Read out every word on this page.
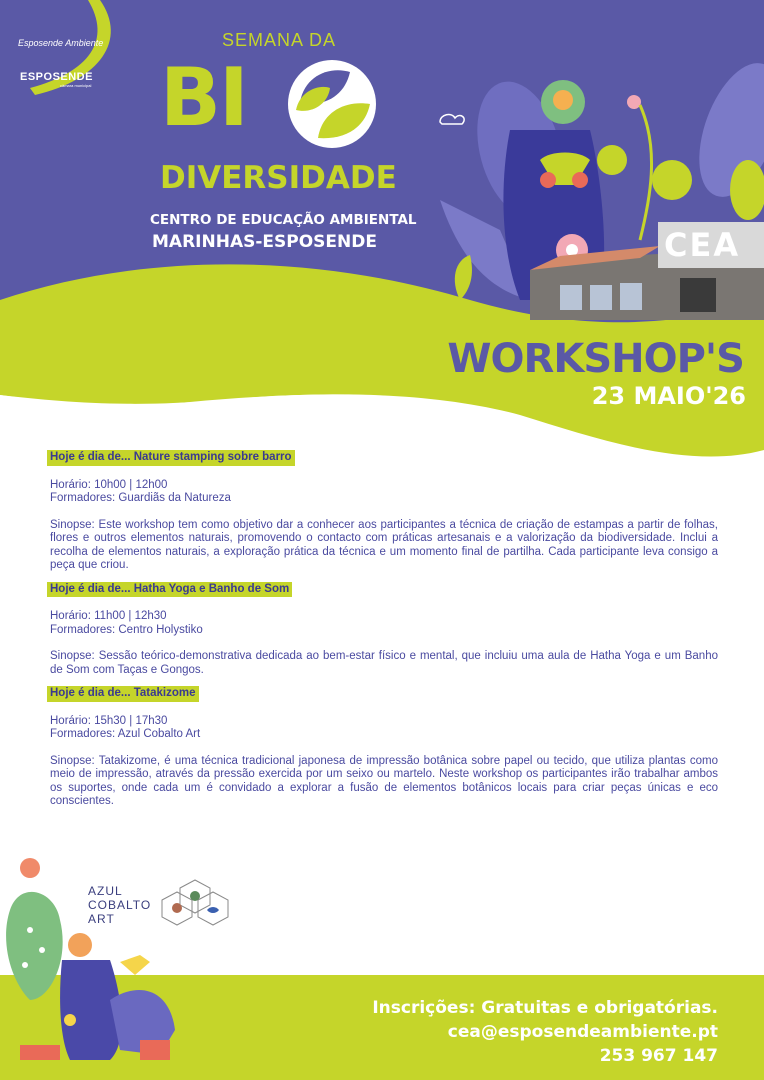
Esposende Ambiente
ESPOSENDE
câmara municipal
SEMANA DA
BI
DIVERSIDADE
CENTRO DE EDUCAÇÃO AMBIENTAL
MARINHAS-ESPOSENDE	CEA
WORKSHOP'S
23 MAIO'26
Hoje é dia de... Nature stamping sobre barro
Horário: 10h00 | 12h00
Formadores: Guardiãs da Natureza
Sinopse: Este workshop tem como objetivo dar a conhecer aos participantes a técnica de criação de estampas a partir de folhas, flores e outros elementos naturais, promovendo o contacto com práticas artesanais e a valorização da biodiversidade. Inclui a recolha de elementos naturais, a exploração prática da técnica e um momento final de partilha. Cada participante leva consigo a peça que criou.
Hoje é dia de... Hatha Yoga e Banho de Som
Horário: 11h00 | 12h30
Formadores: Centro Holystiko
Sinopse: Sessão teórico-demonstrativa dedicada ao bem-estar físico e mental, que incluiu uma aula de Hatha Yoga e um Banho de Som com Taças e Gongos.
Hoje é dia de... Tatakizome
Horário: 15h30 | 17h30
Formadores: Azul Cobalto Art
Sinopse: Tatakizome, é uma técnica tradicional japonesa de impressão botânica sobre papel ou tecido, que utiliza plantas como meio de impressão, através da pressão exercida por um seixo ou martelo. Neste workshop os participantes irão trabalhar ambos os suportes, onde cada um é convidado a explorar a fusão de elementos botânicos locais para criar peças únicas e eco conscientes.
AZUL
COBALTO
ART
Inscrições: Gratuitas e obrigatórias.
cea@esposendeambiente.pt
253 967 147
